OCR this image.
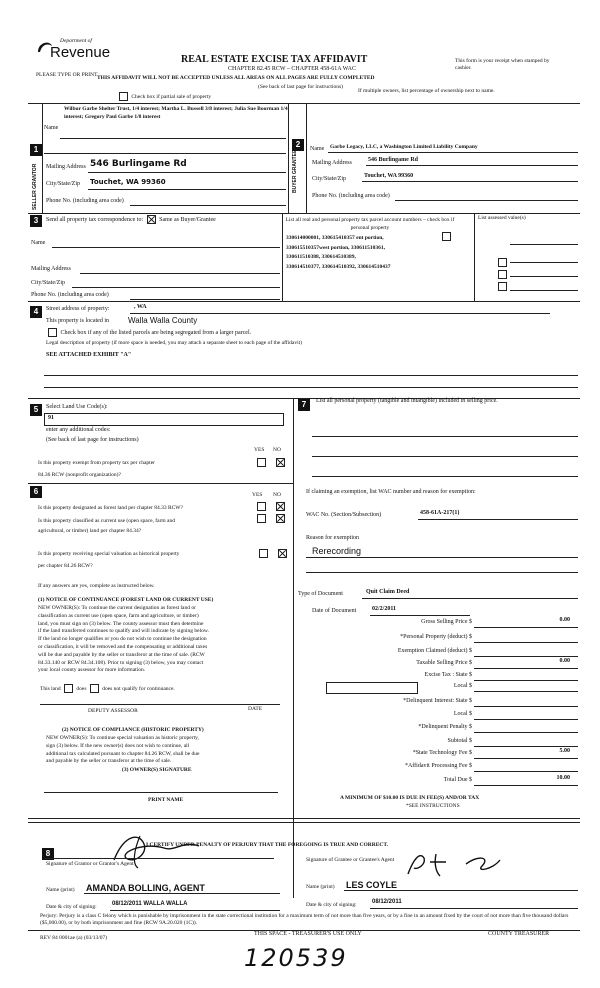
Department of
Revenue	REAL ESTATE EXCISE TAX AFFIDAVIT
CHAPTER 82.45 RCW – CHAPTER 458-61A WAC
THIS AFFIDAVIT WILL NOT BE ACCEPTED UNLESS ALL AREAS ON ALL PAGES ARE FULLY COMPLETED
PLEASE TYPE OR PRINT
(See back of last page for instructions)
This form is your receipt when stamped by cashier.
Check box if partial sale of property
If multiple owners, list percentage of ownership next to name.
1
SELLER GRANTOR
Name
Wilbur Garbe Shelter Trust, 1/4 interest; Martha L. Bussell 3/8 interest; Julia Sue Boorman 1/4 interest; Gregory Paul Garbe 1/8 interest
Mailing Address 546 Burlingame Rd
City/State/Zip Touchet, WA 99360
Phone No. (including area code)
2
BUYER GRANTEE
Name Garbe Legacy, LLC, a Washington Limited Liability Company
Mailing Address	546 Burlingame Rd
City/State/Zip	Touchet, WA 99360
Phone No. (including area code)
3	Send all property tax correspondence to:	Same as Buyer/Grantee
Name
Mailing Address
City/State/Zip
Phone No. (including area code)
List all real and personal property tax parcel account numbers – check box if personal property
330614000001, 330615410357 ent portion,
330615510357west portion, 330611510361,
330611510388, 330614510389,
330614510377, 330614510392, 330614510437
List assessed value(s)
4	Street address of property:	, WA
This property is located in Walla Walla County
Check box if any of the listed parcels are being segregated from a larger parcel.
Legal description of property (if more space is needed, you may attach a separate sheet to each page of the affidavit)
SEE ATTACHED EXHIBIT "A"
5	Select Land Use Code(s):
91
enter any additional codes:
(See back of last page for instructions)
YES NO
Is this property exempt from property tax per chapter
84.36 RCW (nonprofit organization)?
6	YES NO
Is this property designated as forest land per chapter 84.33 RCW?
Is this property classified as current use (open space, farm and
agricultural, or timber) land per chapter 84.34?
Is this property receiving special valuation as historical property
per chapter 84.26 RCW?
If any answers are yes, complete as instructed below.
(1) NOTICE OF CONTINUANCE (FOREST LAND OR CURRENT USE)
NEW OWNER(S): To continue the current designation as forest land or
classification as current use (open space, farm and agriculture, or timber)
land, you must sign on (3) below. The county assessor must then determine
if the land transferred continues to qualify and will indicate by signing below.
If the land no longer qualifies or you do not wish to continue the designation
or classification, it will be removed and the compensating or additional taxes
will be due and payable by the seller or transferor at the time of sale. (RCW
84.33.140 or RCW 84.34.108). Prior to signing (3) below, you may contact
your local county assessor for more information.
This land	does	does not qualify for continuance.
DEPUTY ASSESSOR	DATE
(2) NOTICE OF COMPLIANCE (HISTORIC PROPERTY)
NEW OWNER(S): To continue special valuation as historic property,
sign (3) below. If the new owner(s) does not wish to continue, all
additional tax calculated pursuant to chapter 84.26 RCW, shall be due
and payable by the seller or transferor at the time of sale.
(3) OWNER(S) SIGNATURE
PRINT NAME
7	List all personal property (tangible and intangible) included in selling price.
If claiming an exemption, list WAC number and reason for exemption:
WAC No. (Section/Subsection)	458-61A-217(1)
Reason for exemption
Rerecording
Type of Document	Quit Claim Deed
Date of Document	02/2/2011
Gross Selling Price $	0.00
*Personal Property (deduct) $
Exemption Claimed (deduct) $
Taxable Selling Price $	0.00
Excise Tax : State $
Local $
*Delinquent Interest: State $
Local $
*Delinquent Penalty $
Subtotal $
*State Technology Fee $	5.00
*Affidavit Processing Fee $
Total Due $	10.00
A MINIMUM OF $10.00 IS DUE IN FEE(S) AND/OR TAX
*SEE INSTRUCTIONS
8
I CERTIFY UNDER PENALTY OF PERJURY THAT THE FOREGOING IS TRUE AND CORRECT.
Signature of Grantor or Grantor's Agent
Signature of Grantee or Grantee's Agent
Name (print) AMANDA BOLLING, AGENT	Name (print) LES COYLE
Date & city of signing:	08/12/2011 WALLA WALLA	Date & city of signing:	08/12/2011
Perjury: Perjury is a class C felony which is punishable by imprisonment in the state correctional institution for a maximum term of not more than five years, or by a fine in an amount fixed by the court of not more than five thousand dollars ($5,000.00), or by both imprisonment and fine (RCW 9A.20.020 (1C)).
REV 84 0001ae (a) (03/13/07)
THIS SPACE - TREASURER'S USE ONLY	COUNTY TREASURER
120539
